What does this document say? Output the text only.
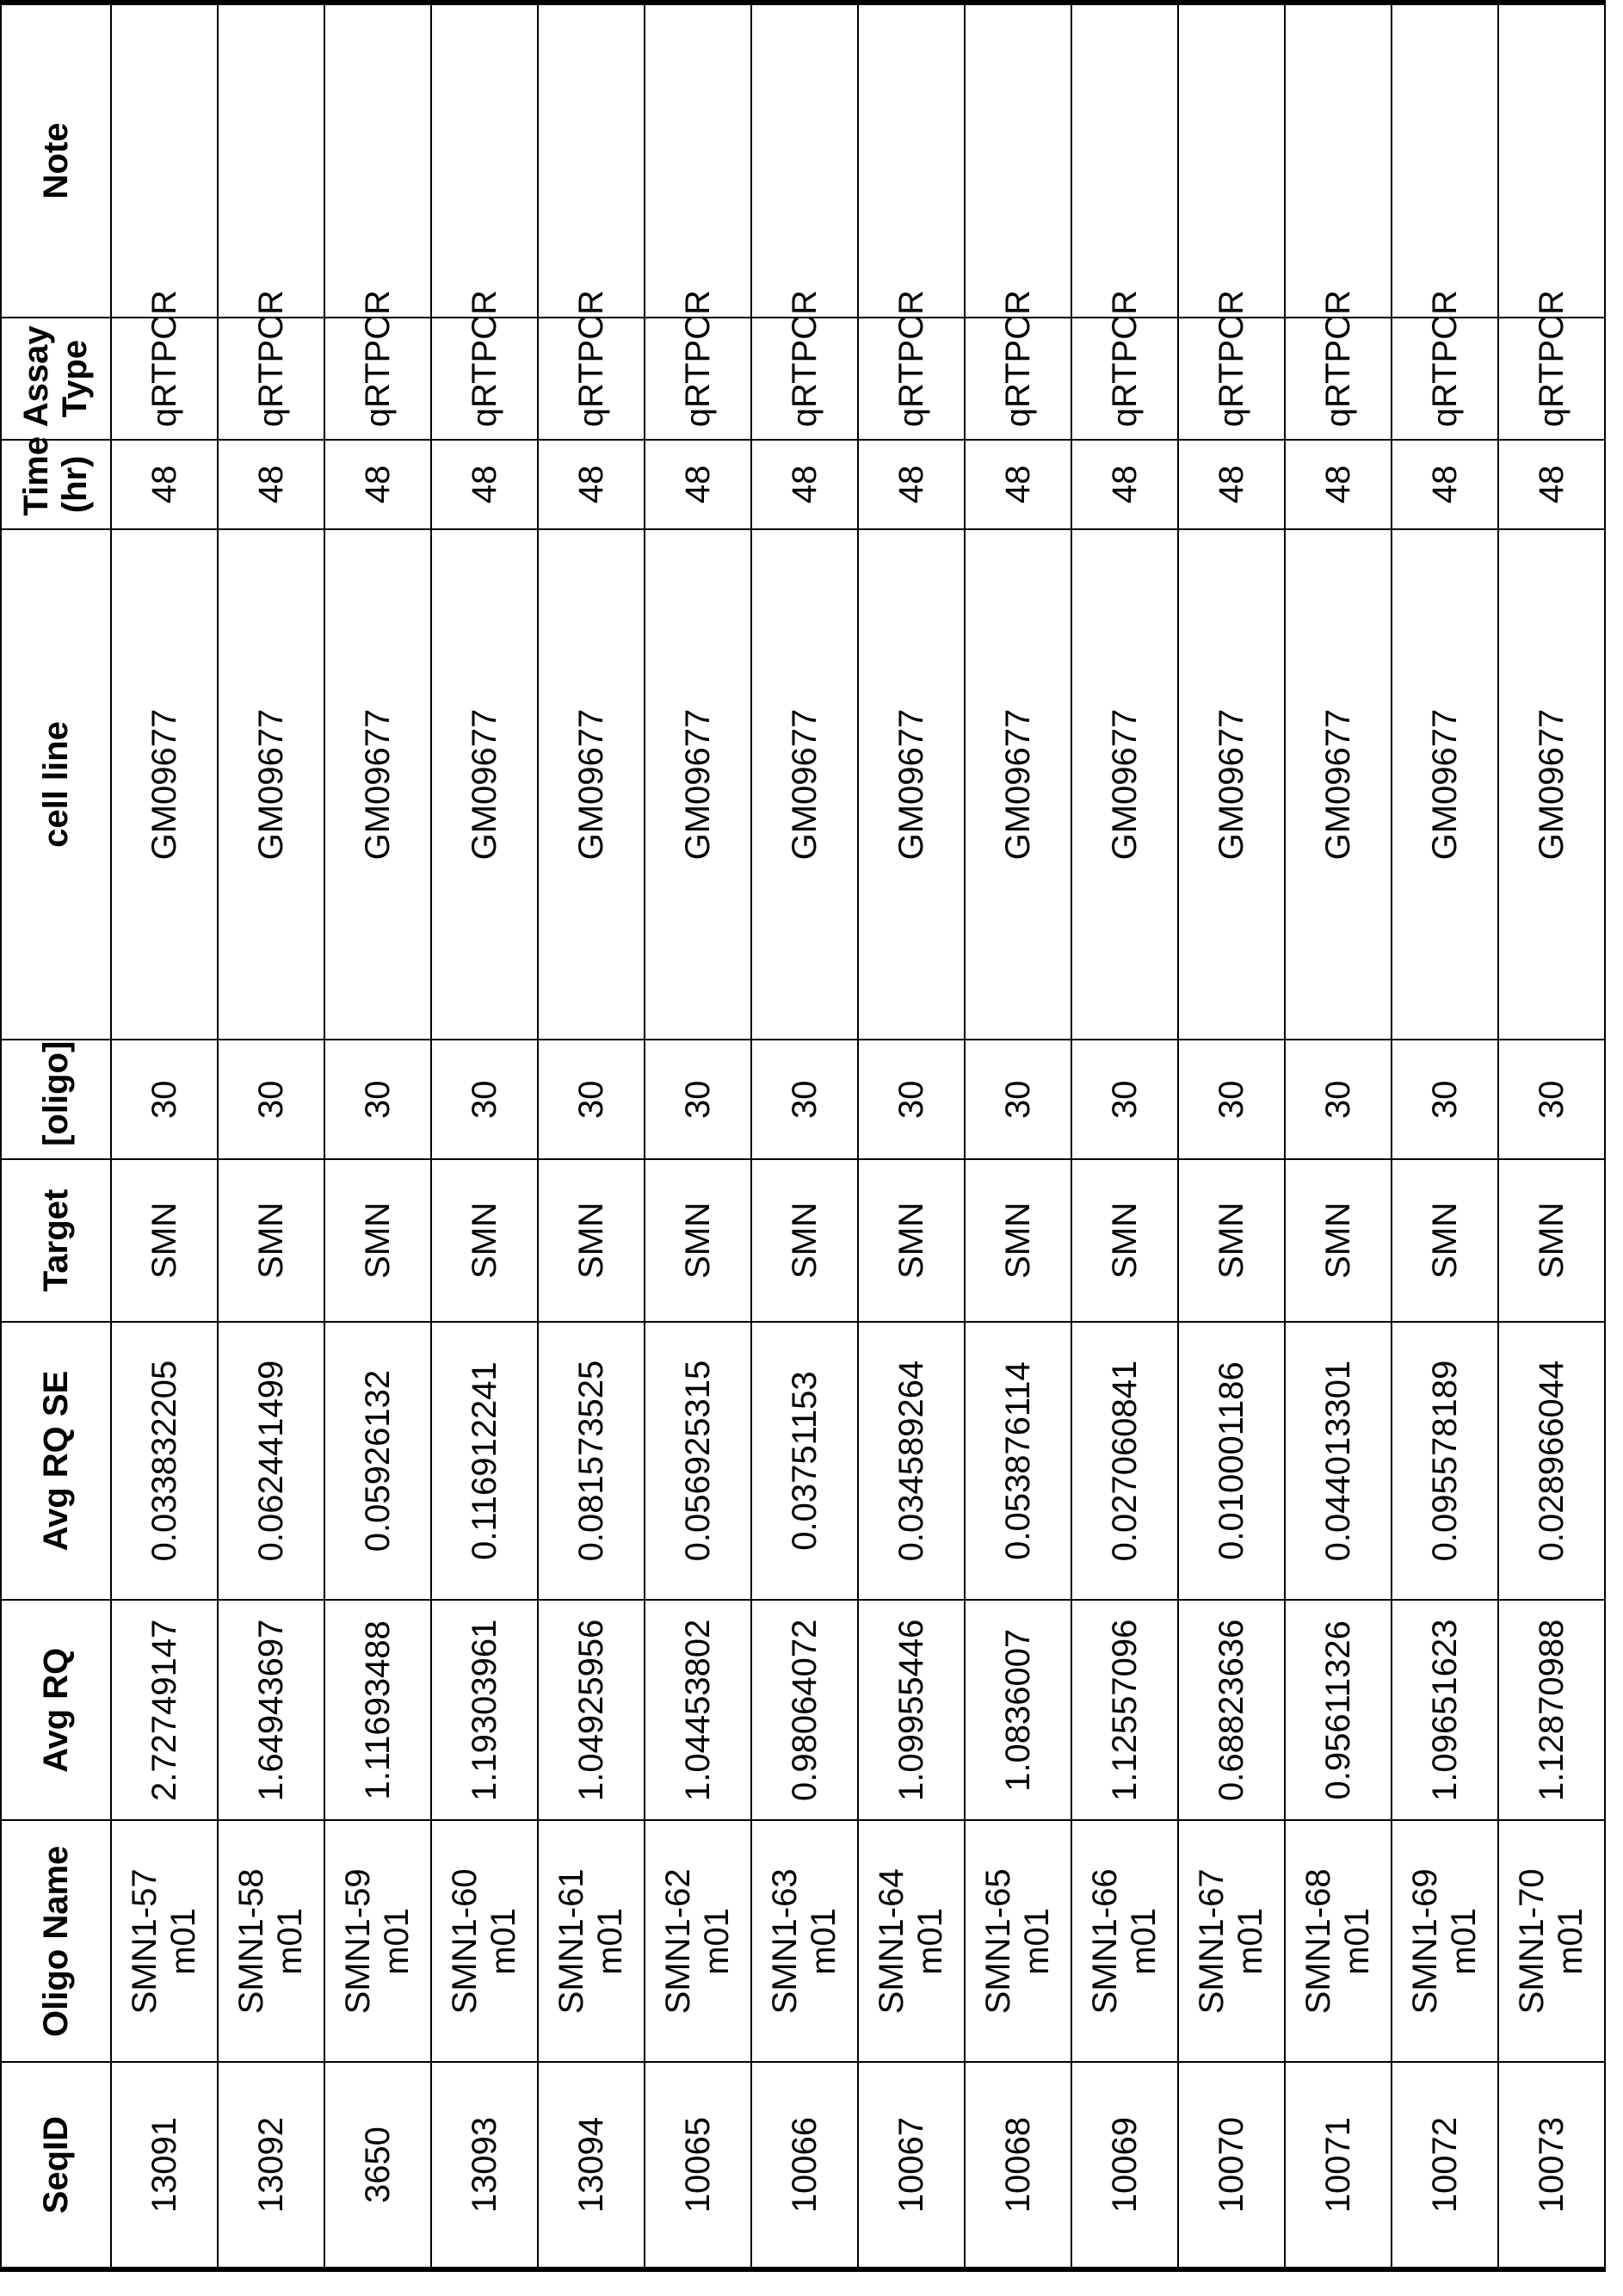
SeqID	Oligo Name	Avg RQ	Avg RQ SE	Target	[oligo]	cell line	Time (hr)	Assay Type	Note
13091	SMN1-57 m01	2.72749147	0.033832205	SMN	30	GM09677	48	qRTPCR	
13092	SMN1-58 m01	1.64943697	0.062441499	SMN	30	GM09677	48	qRTPCR	
3650	SMN1-59 m01	1.11693488	0.05926132	SMN	30	GM09677	48	qRTPCR	
13093	SMN1-60 m01	1.19303961	0.116912241	SMN	30	GM09677	48	qRTPCR	
13094	SMN1-61 m01	1.04925956	0.081573525	SMN	30	GM09677	48	qRTPCR	
10065	SMN1-62 m01	1.04453802	0.056925315	SMN	30	GM09677	48	qRTPCR	
10066	SMN1-63 m01	0.98064072	0.03751153	SMN	30	GM09677	48	qRTPCR	
10067	SMN1-64 m01	1.09955446	0.034589264	SMN	30	GM09677	48	qRTPCR	
10068	SMN1-65 m01	1.0836007	0.053876114	SMN	30	GM09677	48	qRTPCR	
10069	SMN1-66 m01	1.12557096	0.027060841	SMN	30	GM09677	48	qRTPCR	
10070	SMN1-67 m01	0.68823636	0.010001186	SMN	30	GM09677	48	qRTPCR	
10071	SMN1-68 m01	0.95611326	0.044013301	SMN	30	GM09677	48	qRTPCR	
10072	SMN1-69 m01	1.09651623	0.095578189	SMN	30	GM09677	48	qRTPCR	
10073	SMN1-70 m01	1.12870988	0.028966044	SMN	30	GM09677	48	qRTPCR	
